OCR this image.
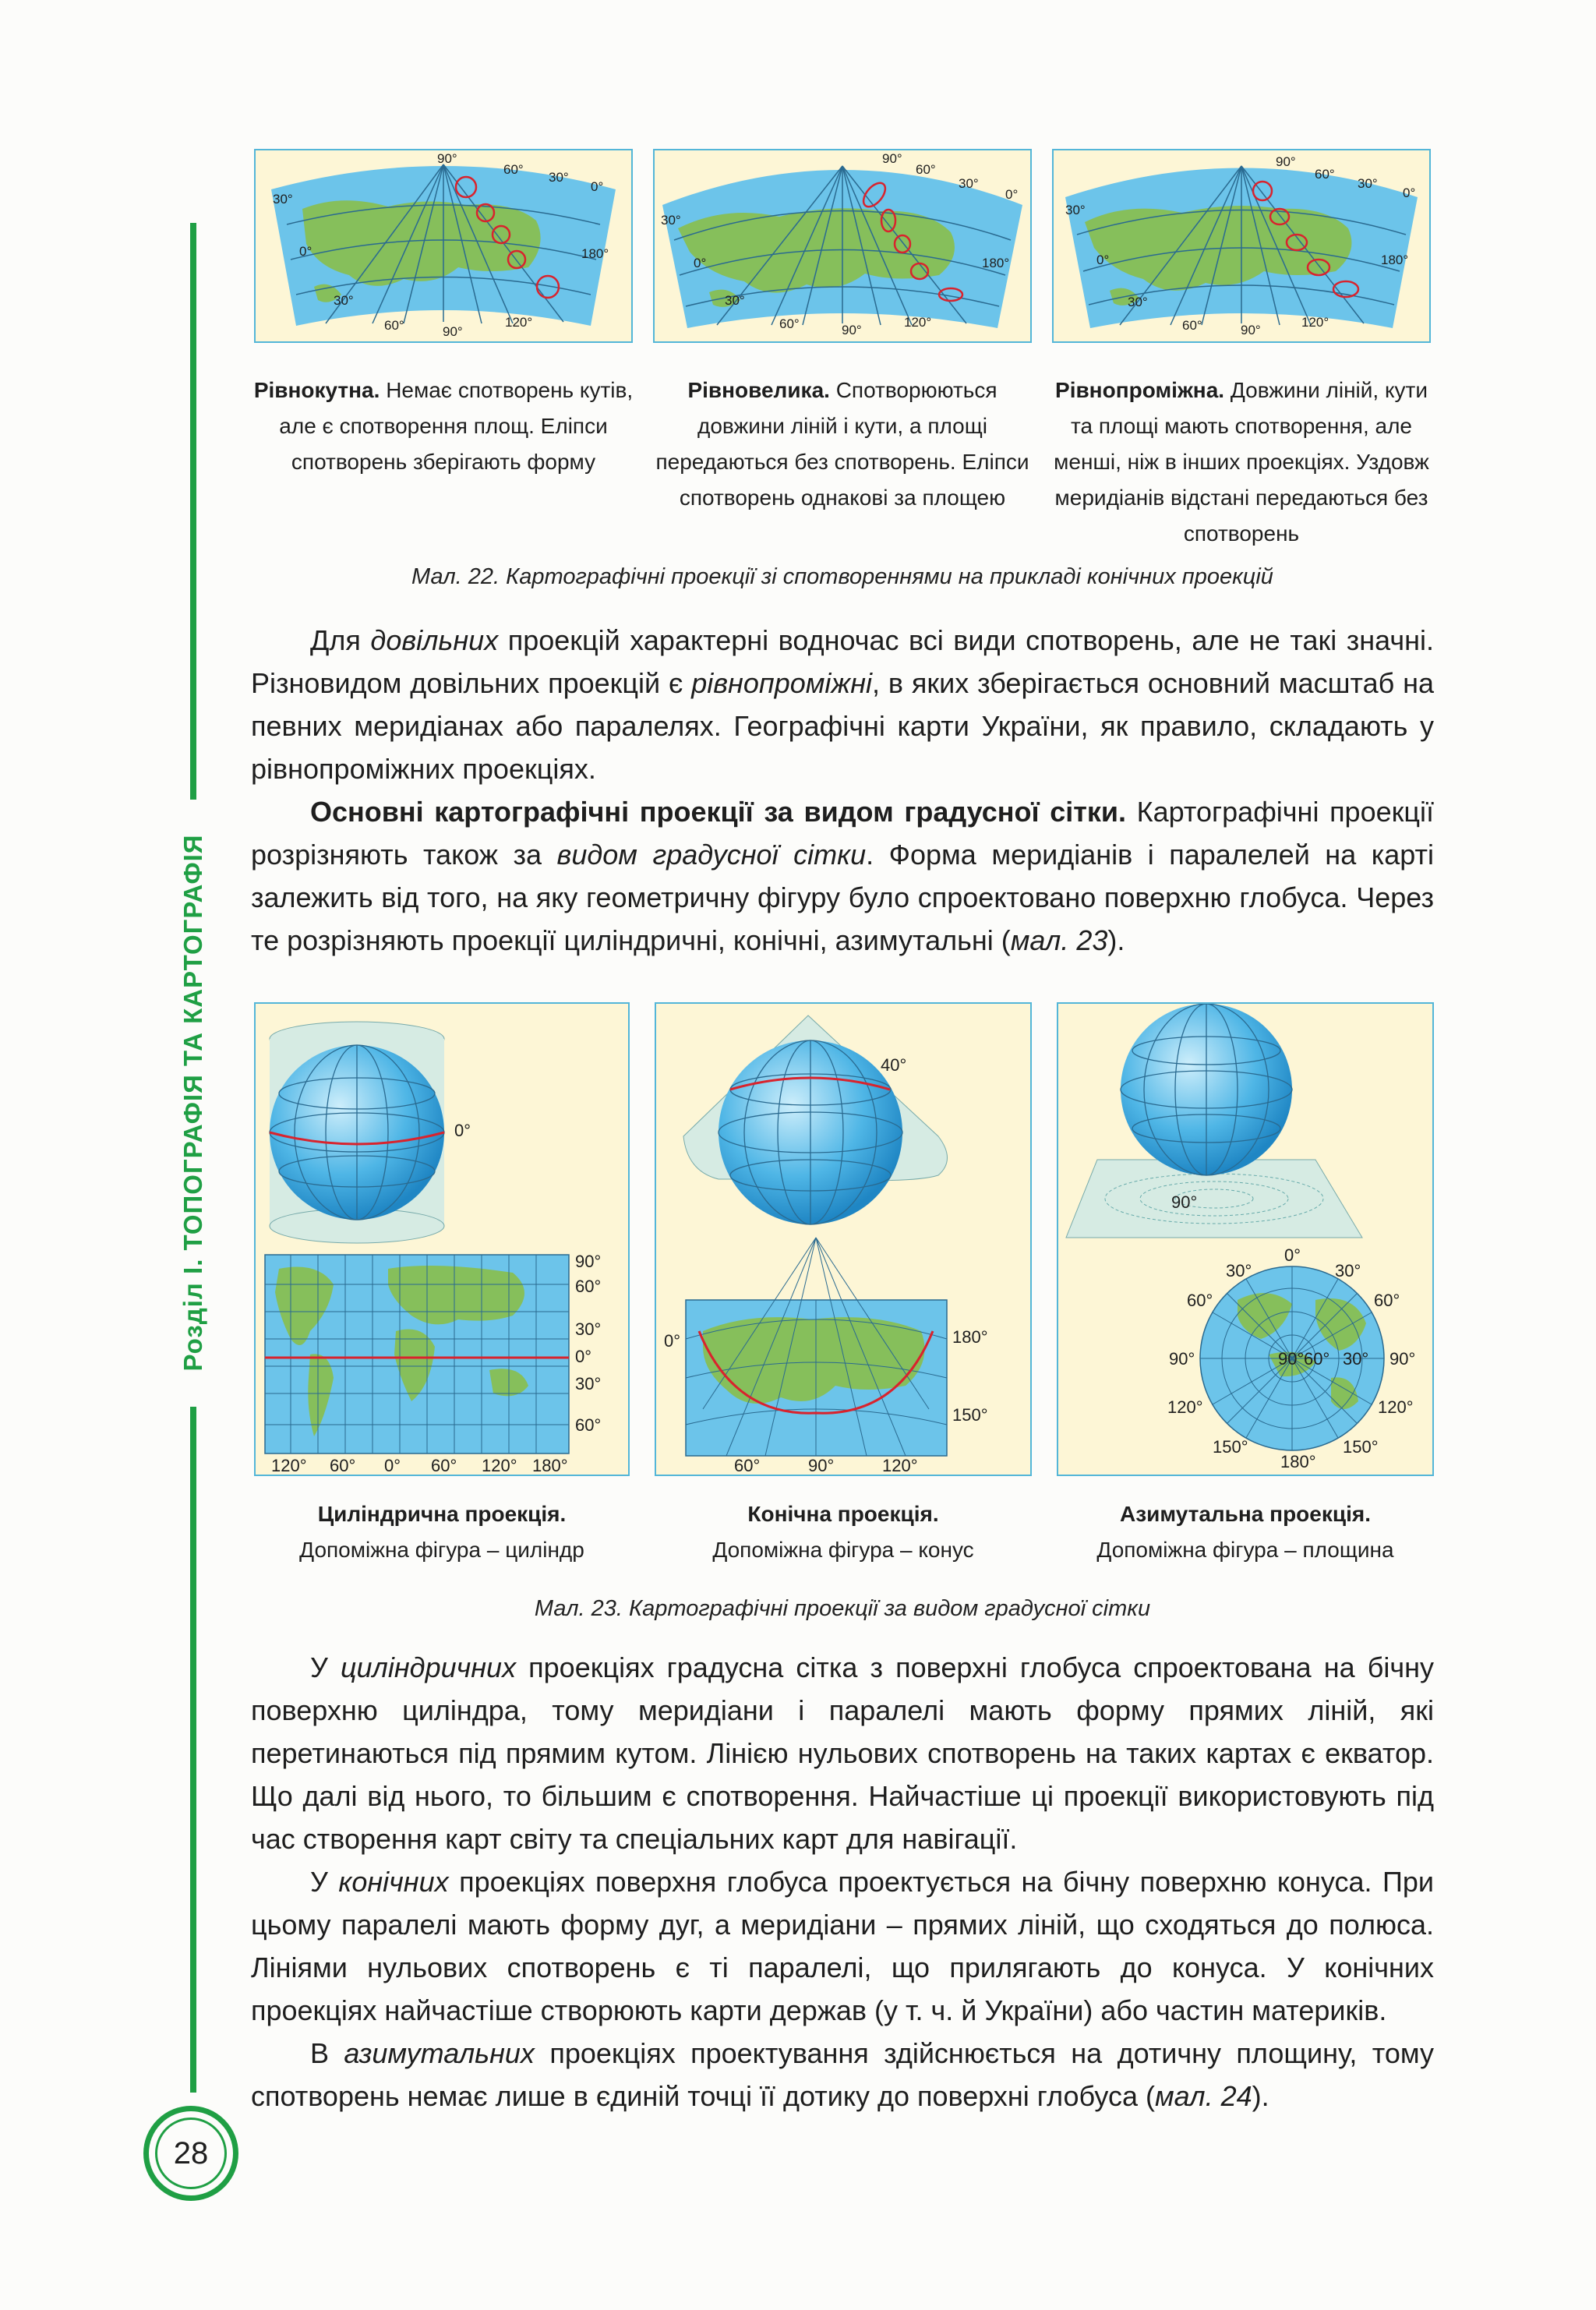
Розділ І. ТОПОГРАФІЯ ТА КАРТОГРАФІЯ
28
90°
60°
30°
0°
30°
0°	180°
30°
60°	90°
120°
Рівнокутна. Немає спотворень кутів, але є спотворення площ. Еліпси спотворень зберігають форму
90°
60°
30°
0°
30°
0°	180°
30°
60°	90°
120°
Рівновелика. Спотворюються довжини ліній і кути, а площі передаються без спотворень. Еліпси спотворень однакові за площею
90°
60°
30°
0°
30°
0°	180°
30°
60°	90°
120°
Рівнопроміжна. Довжини ліній, кути та площі мають спотворення, але менші, ніж в інших проекціях. Уздовж меридіанів відстані передаються без спотворень
Мал. 22. Картографічні проекції зі спотвореннями на прикладі конічних проекцій

Для довільних проекцій характерні водночас всі види спотворень, але не такі значні. Різновидом довільних проекцій є рівнопроміжні, в яких зберігається основний масштаб на певних меридіанах або паралелях. Географічні карти України, як правило, складають у рівнопроміжних проекціях.

Основні картографічні проекції за видом градусної сітки. Картографічні проекції розрізняють також за видом градусної сітки. Форма меридіанів і паралелей на карті залежить від того, на яку геометричну фігуру було спроектовано поверхню глобуса. Через те розрізняють проекції циліндричні, конічні, азимутальні (мал. 23).

0°
90°
60°
30°
0°
30°
60°
120° 60° 0° 60° 120° 180°
Циліндрична проекція.
Допоміжна фігура – циліндр
40°
0°	180°
150°
60°	90°	120°
Конічна проекція.
Допоміжна фігура – конус
90°
0°
30°	30°
60°	60°
90°	90°	90°
60° 30°
120°	120°
150°
180°
150°
Азимутальна проекція.
Допоміжна фігура – площина
Мал. 23. Картографічні проекції за видом градусної сітки

У циліндричних проекціях градусна сітка з поверхні глобуса спроектована на бічну поверхню циліндра, тому меридіани і паралелі мають форму прямих ліній, які перетинаються під прямим кутом. Лінією нульових спотворень на таких картах є екватор. Що далі від нього, то більшим є спотворення. Найчастіше ці проекції використовують під час створення карт світу та спеціальних карт для навігації.

У конічних проекціях поверхня глобуса проектується на бічну поверхню конуса. При цьому паралелі мають форму дуг, а меридіани – прямих ліній, що сходяться до полюса. Лініями нульових спотворень є ті паралелі, що прилягають до конуса. У конічних проекціях найчастіше створюють карти держав (у т. ч. й України) або частин материків.

В азимутальних проекціях проектування здійснюється на дотичну площину, тому спотворень немає лише в єдиній точці її дотику до поверхні глобуса (мал. 24).
